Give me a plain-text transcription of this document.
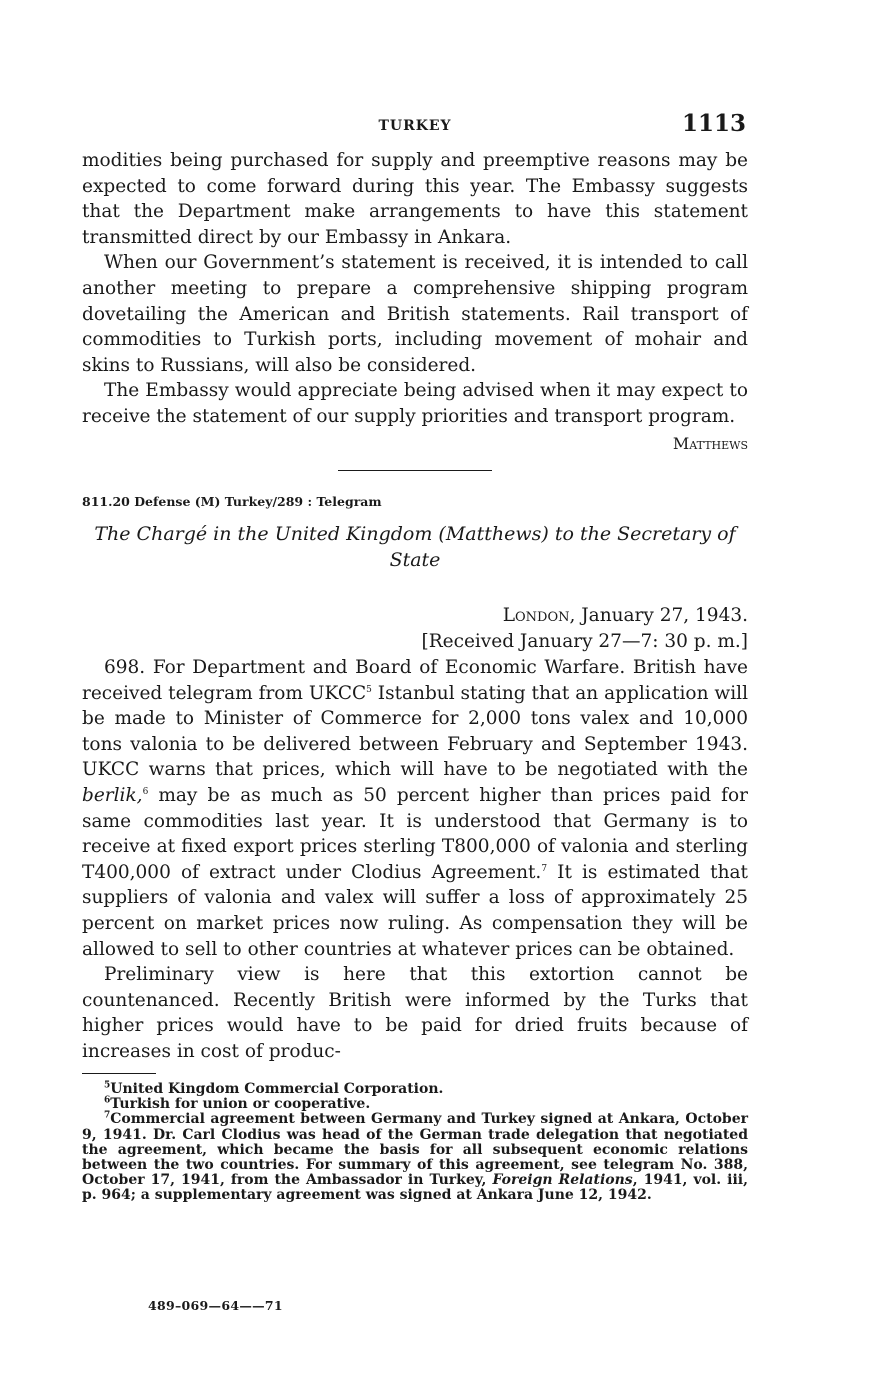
TURKEY	1113

modities being purchased for supply and preemptive reasons may be expected to come forward during this year. The Embassy suggests that the Department make arrangements to have this statement transmitted direct by our Embassy in Ankara.

When our Government’s statement is received, it is intended to call another meeting to prepare a comprehensive shipping program dovetailing the American and British statements. Rail transport of commodities to Turkish ports, including movement of mohair and skins to Russians, will also be considered.

The Embassy would appreciate being advised when it may expect to receive the statement of our supply priorities and transport program.

Matthews
811.20 Defense (M) Turkey/289 : Telegram
The Chargé in the United Kingdom (Matthews) to the Secretary of State
London, January 27, 1943.
[Received January 27—7: 30 p. m.]

698. For Department and Board of Economic Warfare. British have received telegram from UKCC$^5$ Istanbul stating that an application will be made to Minister of Commerce for 2,000 tons valex and 10,000 tons valonia to be delivered between February and September 1943. UKCC warns that prices, which will have to be negotiated with the berlik,$^6$ may be as much as 50 percent higher than prices paid for same commodities last year. It is understood that Germany is to receive at fixed export prices sterling T800,000 of valonia and sterling T400,000 of extract under Clodius Agreement.$^7$ It is estimated that suppliers of valonia and valex will suffer a loss of approximately 25 percent on market prices now ruling. As compensation they will be allowed to sell to other countries at whatever prices can be obtained.

Preliminary view is here that this extortion cannot be countenanced. Recently British were informed by the Turks that higher prices would have to be paid for dried fruits because of increases in cost of produc-

$^5$United Kingdom Commercial Corporation.
$^6$Turkish for union or cooperative.
$^7$Commercial agreement between Germany and Turkey signed at Ankara, October 9, 1941. Dr. Carl Clodius was head of the German trade delegation that negotiated the agreement, which became the basis for all subsequent economic relations between the two countries. For summary of this agreement, see telegram No. 388, October 17, 1941, from the Ambassador in Turkey, Foreign Relations, 1941, vol. iii, p. 964; a supplementary agreement was signed at Ankara June 12, 1942.
489–069—64——71
